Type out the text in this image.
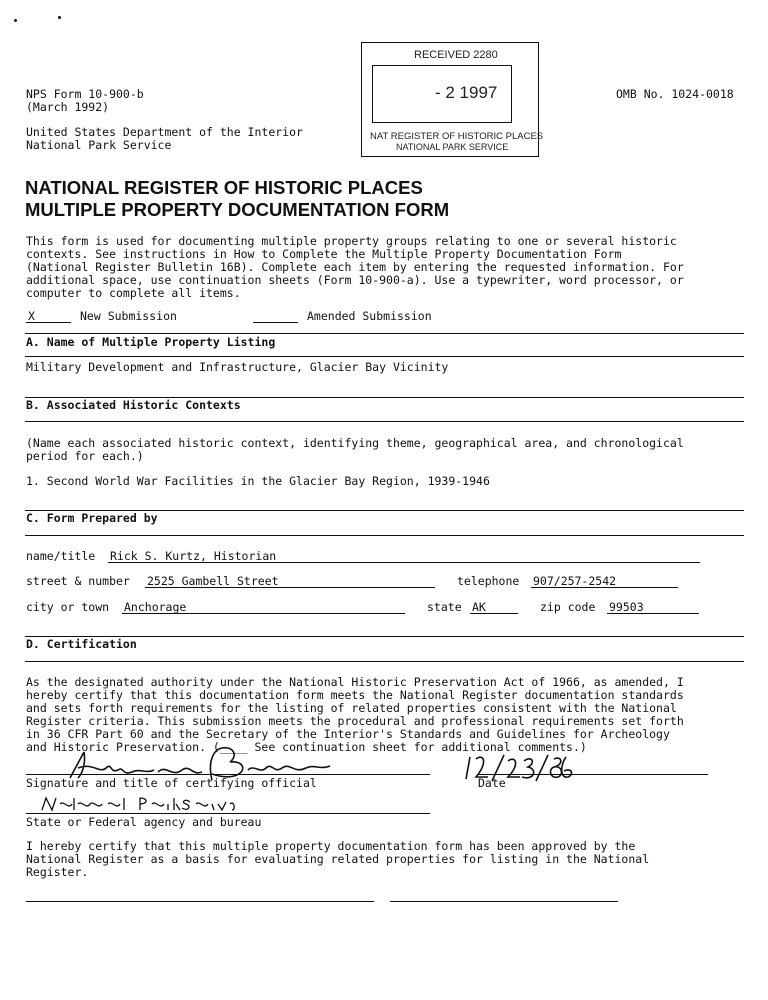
NPS Form 10-900-b
(March 1992)
United States Department of the Interior
National Park Service
OMB No. 1024-0018
RECEIVED 2280
- 2 1997
NAT REGISTER OF HISTORIC PLACES
NATIONAL PARK SERVICE
NATIONAL REGISTER OF HISTORIC PLACES
MULTIPLE PROPERTY DOCUMENTATION FORM
This form is used for documenting multiple property groups relating to one or several historic
contexts. See instructions in How to Complete the Multiple Property Documentation Form
(National Register Bulletin 16B). Complete each item by entering the requested information. For
additional space, use continuation sheets (Form 10-900-a). Use a typewriter, word processor, or
computer to complete all items.
X	New Submission	Amended Submission
A. Name of Multiple Property Listing
Military Development and Infrastructure, Glacier Bay Vicinity
B. Associated Historic Contexts
(Name each associated historic context, identifying theme, geographical area, and chronological
period for each.)
1. Second World War Facilities in the Glacier Bay Region, 1939-1946
C. Form Prepared by
name/title Rick S. Kurtz, Historian
street & number 2525 Gambell Street	telephone 907/257-2542
city or town Anchorage	state AK	zip code 99503
D. Certification
As the designated authority under the National Historic Preservation Act of 1966, as amended, I
hereby certify that this documentation form meets the National Register documentation standards
and sets forth requirements for the listing of related properties consistent with the National
Register criteria. This submission meets the procedural and professional requirements set forth
in 36 CFR Part 60 and the Secretary of the Interior's Standards and Guidelines for Archeology
and Historic Preservation. (____ See continuation sheet for additional comments.)
Signature and title of certifying official	Date
State or Federal agency and bureau
I hereby certify that this multiple property documentation form has been approved by the
National Register as a basis for evaluating related properties for listing in the National
Register.
